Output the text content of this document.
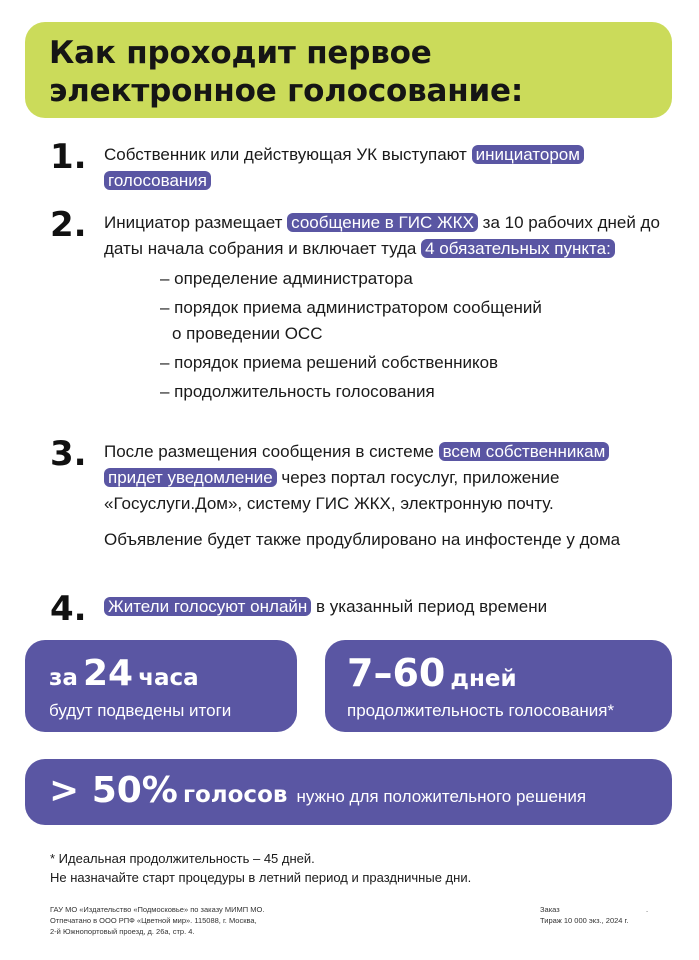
Как проходит первое
электронное голосование:
1. Собственник или действующая УК выступают инициатором голосования
2. Инициатор размещает сообщение в ГИС ЖКХ за 10 рабочих дней до даты начала собрания и включает туда 4 обязательных пункта:
– определение администратора
– порядок приема администратором сообщений
о проведении ОСС
– порядок приема решений собственников
– продолжительность голосования
3. После размещения сообщения в системе всем собственникам придет уведомление через портал госуслуг, приложение «Госуслуги.Дом», систему ГИС ЖКХ, электронную почту.
Объявление будет также продублировано на инфостенде у дома
4. Жители голосуют онлайн в указанный период времени
за 24 часа
будут подведены итоги
7–60 дней
продолжительность голосования*
> 50% голосов нужно для положительного решения
* Идеальная продолжительность – 45 дней.
Не назначайте старт процедуры в летний период и праздничные дни.
ГАУ МО «Издательство «Подмосковье» по заказу МИМП МО.
Отпечатано в ООО РПФ «Цветной мир». 115088, г. Москва,
2-й Южнопортовый проезд, д. 26а, стр. 4.
Заказ	.
Тираж 10 000 экз., 2024 г.
